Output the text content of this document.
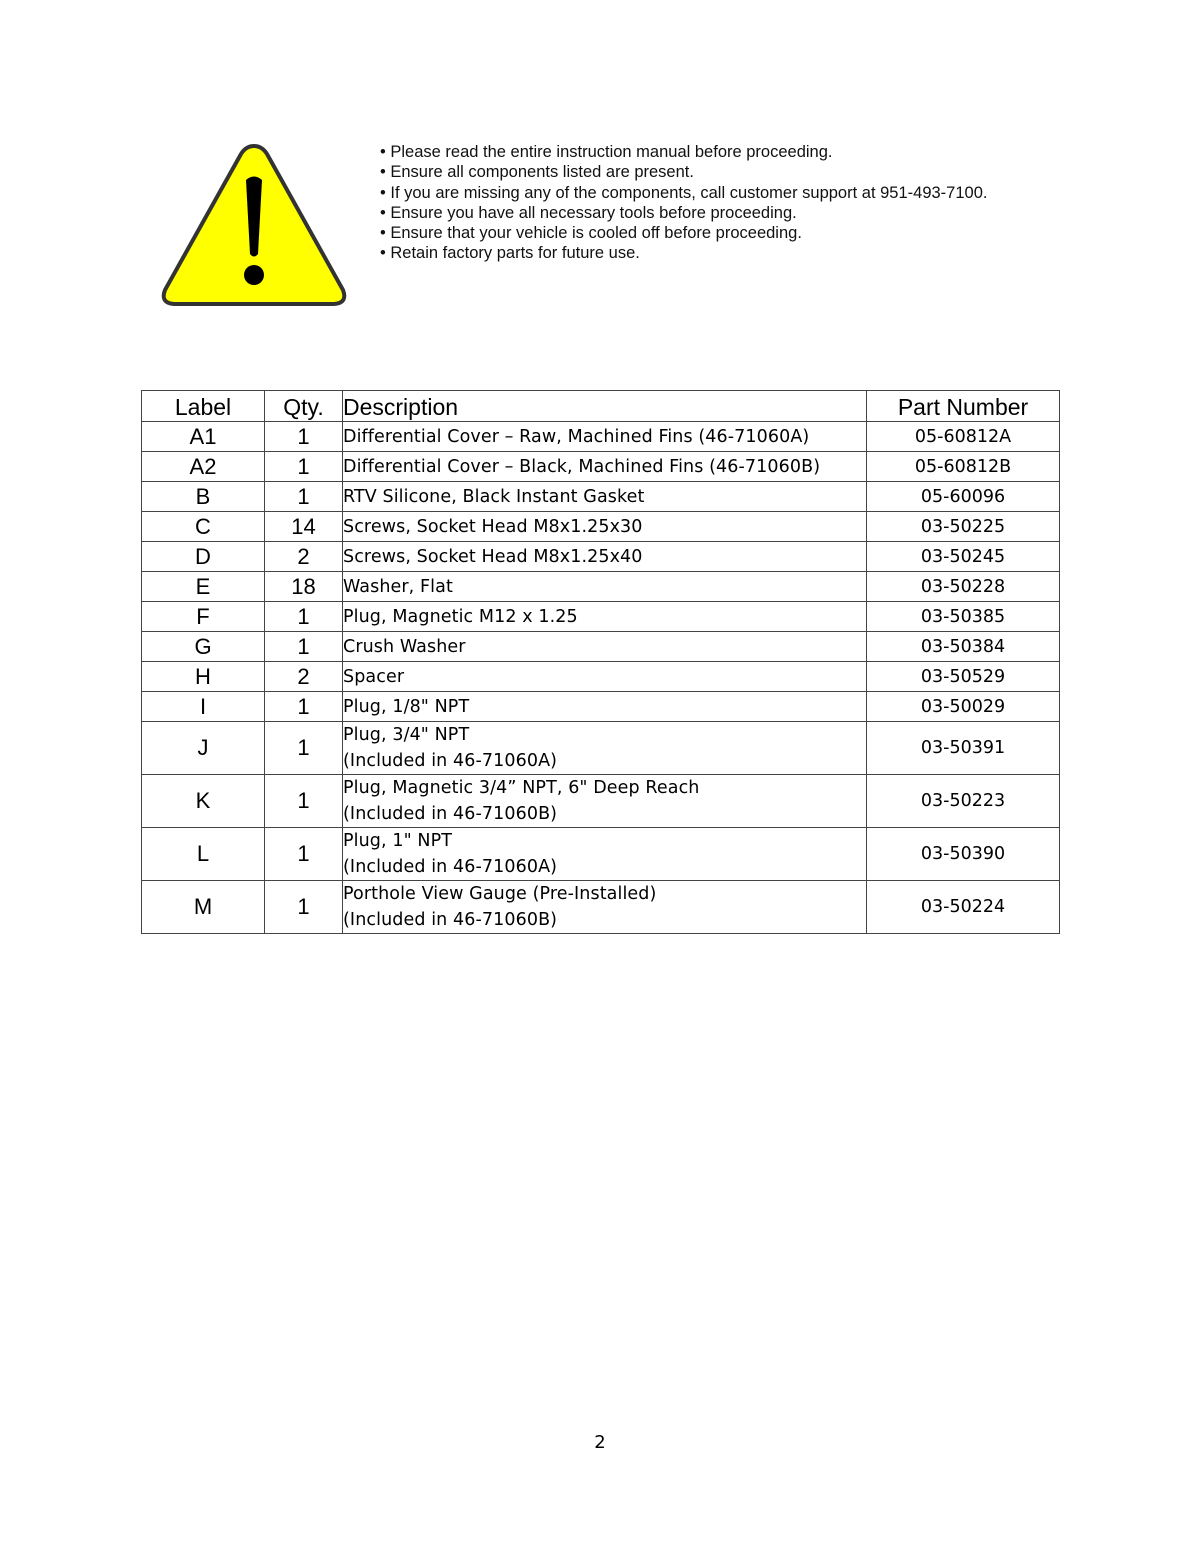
• Please read the entire instruction manual before proceeding.
• Ensure all components listed are present.
• If you are missing any of the components, call customer support at 951-493-7100.
• Ensure you have all necessary tools before proceeding.
• Ensure that your vehicle is cooled off before proceeding.
• Retain factory parts for future use.
Label	Qty.	Description	Part Number
A1	1	Differential Cover – Raw, Machined Fins (46-71060A)	05-60812A
A2	1	Differential Cover – Black, Machined Fins (46-71060B)	05-60812B
B	1	RTV Silicone, Black Instant Gasket	05-60096
C	14	Screws, Socket Head M8x1.25x30	03-50225
D	2	Screws, Socket Head M8x1.25x40	03-50245
E	18	Washer, Flat	03-50228
F	1	Plug, Magnetic M12 x 1.25	03-50385
G	1	Crush Washer	03-50384
H	2	Spacer	03-50529
I	1	Plug, 1/8" NPT	03-50029
J	1	Plug, 3/4" NPT
(Included in 46-71060A)	03-50391
K	1	Plug, Magnetic 3/4” NPT, 6" Deep Reach
(Included in 46-71060B)	03-50223
L	1	Plug, 1" NPT
(Included in 46-71060A)	03-50390
M	1	Porthole View Gauge (Pre-Installed)
(Included in 46-71060B)	03-50224
2
